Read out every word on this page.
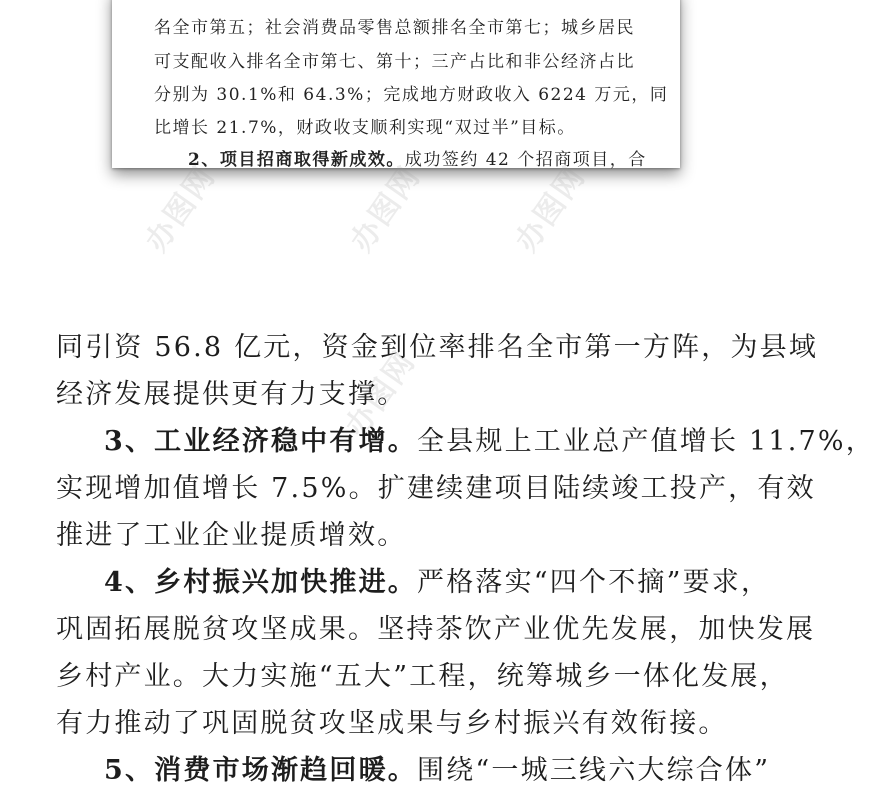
名全市第五；社会消费品零售总额排名全市第七；城乡居民
可支配收入排名全市第七、第十；三产占比和非公经济占比
分别为 30.1%和 64.3%；完成地方财政收入 6224 万元，同
比增长 21.7%，财政收支顺利实现“双过半”目标。
2、项目招商取得新成效。成功签约 42 个招商项目，合
办图网	办图网	办图网
办图网
同引资 56.8 亿元，资金到位率排名全市第一方阵，为县域
经济发展提供更有力支撑。
3、工业经济稳中有增。全县规上工业总产值增长 11.7%，
实现增加值增长 7.5%。扩建续建项目陆续竣工投产，有效
推进了工业企业提质增效。
4、乡村振兴加快推进。严格落实“四个不摘”要求，
巩固拓展脱贫攻坚成果。坚持茶饮产业优先发展，加快发展
乡村产业。大力实施“五大”工程，统筹城乡一体化发展，
有力推动了巩固脱贫攻坚成果与乡村振兴有效衔接。
5、消费市场渐趋回暖。围绕“一城三线六大综合体”
